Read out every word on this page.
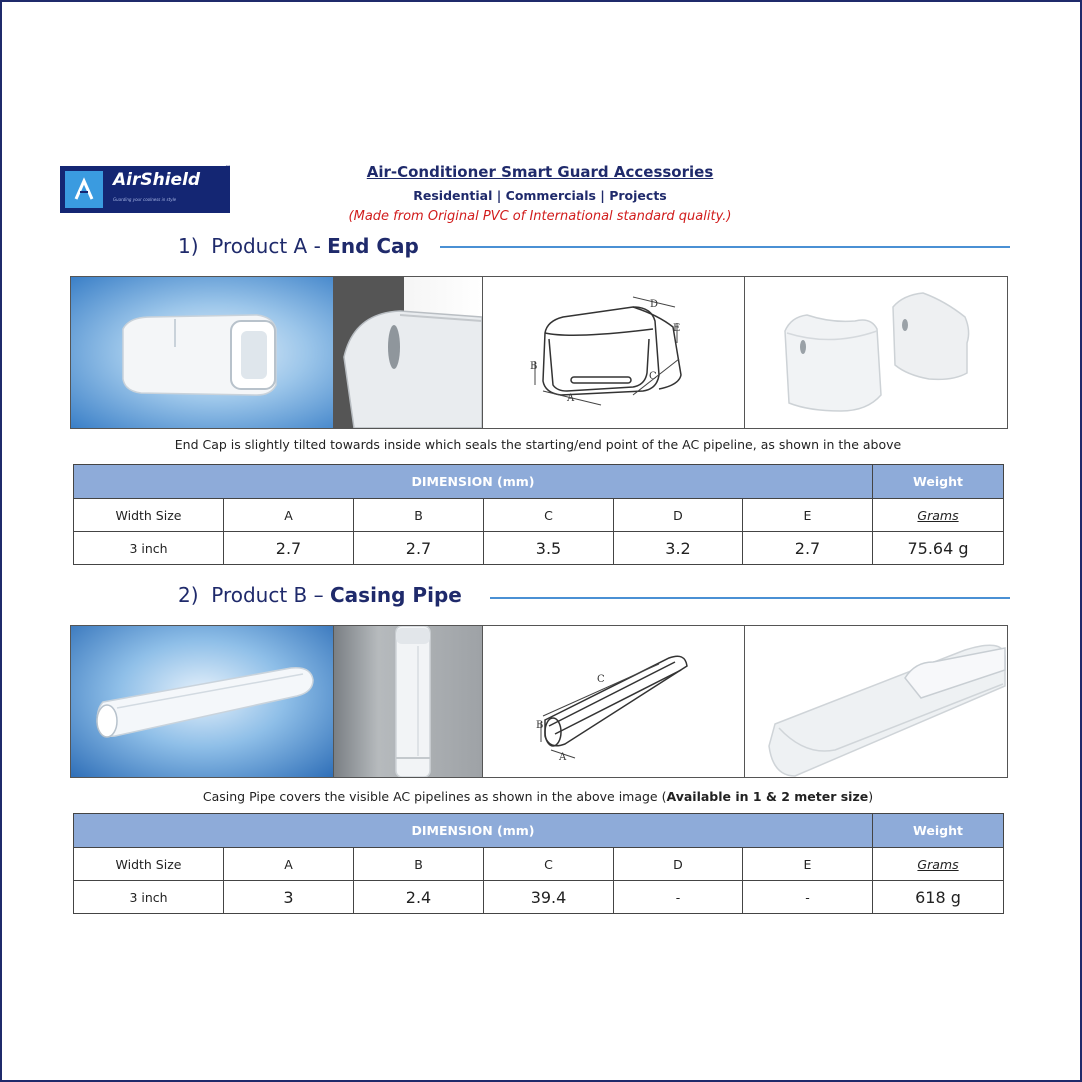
AirShield
Guarding your coolness in style
™	Air-Conditioner Smart Guard Accessories
Residential | Commercials | Projects
(Made from Original PVC of International standard quality.)
1) Product A - End Cap
D
E
B
A
C
End Cap is slightly tilted towards inside which seals the starting/end point of the AC pipeline, as shown in the above
DIMENSION (mm)						Weight
Width Size	A	B	C	D	E	Grams
3 inch	2.7	2.7	3.5	3.2	2.7	75.64 g
2) Product B – Casing Pipe
C
B
A
Casing Pipe covers the visible AC pipelines as shown in the above image (Available in 1 & 2 meter size)
DIMENSION (mm)						Weight
Width Size	A	B	C	D	E	Grams
3 inch	3	2.4	39.4	-	-	618 g
